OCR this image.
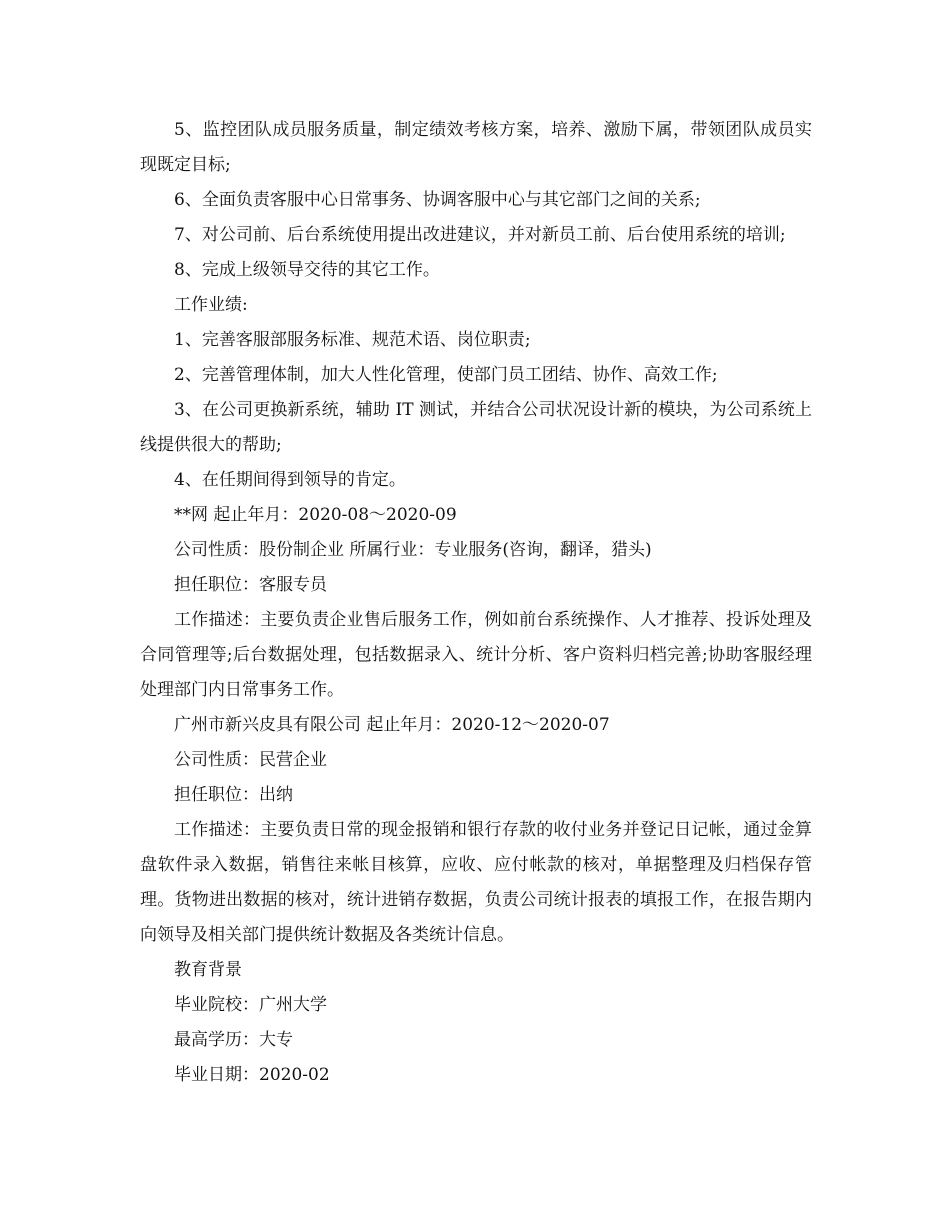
5、监控团队成员服务质量，制定绩效考核方案，培养、激励下属，带领团队成员实现既定目标;

6、全面负责客服中心日常事务、协调客服中心与其它部门之间的关系;

7、对公司前、后台系统使用提出改进建议，并对新员工前、后台使用系统的培训;

8、完成上级领导交待的其它工作。

工作业绩:

1、完善客服部服务标准、规范术语、岗位职责;

2、完善管理体制，加大人性化管理，使部门员工团结、协作、高效工作;

3、在公司更换新系统，辅助 IT 测试，并结合公司状况设计新的模块，为公司系统上线提供很大的帮助;

4、在任期间得到领导的肯定。

**网 起止年月：2020-08～2020-09

公司性质：股份制企业 所属行业：专业服务(咨询，翻译，猎头)

担任职位：客服专员

工作描述：主要负责企业售后服务工作，例如前台系统操作、人才推荐、投诉处理及合同管理等;后台数据处理，包括数据录入、统计分析、客户资料归档完善;协助客服经理处理部门内日常事务工作。

广州市新兴皮具有限公司 起止年月：2020-12～2020-07

公司性质：民营企业

担任职位：出纳

工作描述：主要负责日常的现金报销和银行存款的收付业务并登记日记帐，通过金算盘软件录入数据，销售往来帐目核算，应收、应付帐款的核对，单据整理及归档保存管理。货物进出数据的核对，统计进销存数据，负责公司统计报表的填报工作，在报告期内向领导及相关部门提供统计数据及各类统计信息。

教育背景

毕业院校：广州大学

最高学历：大专

毕业日期：2020-02
